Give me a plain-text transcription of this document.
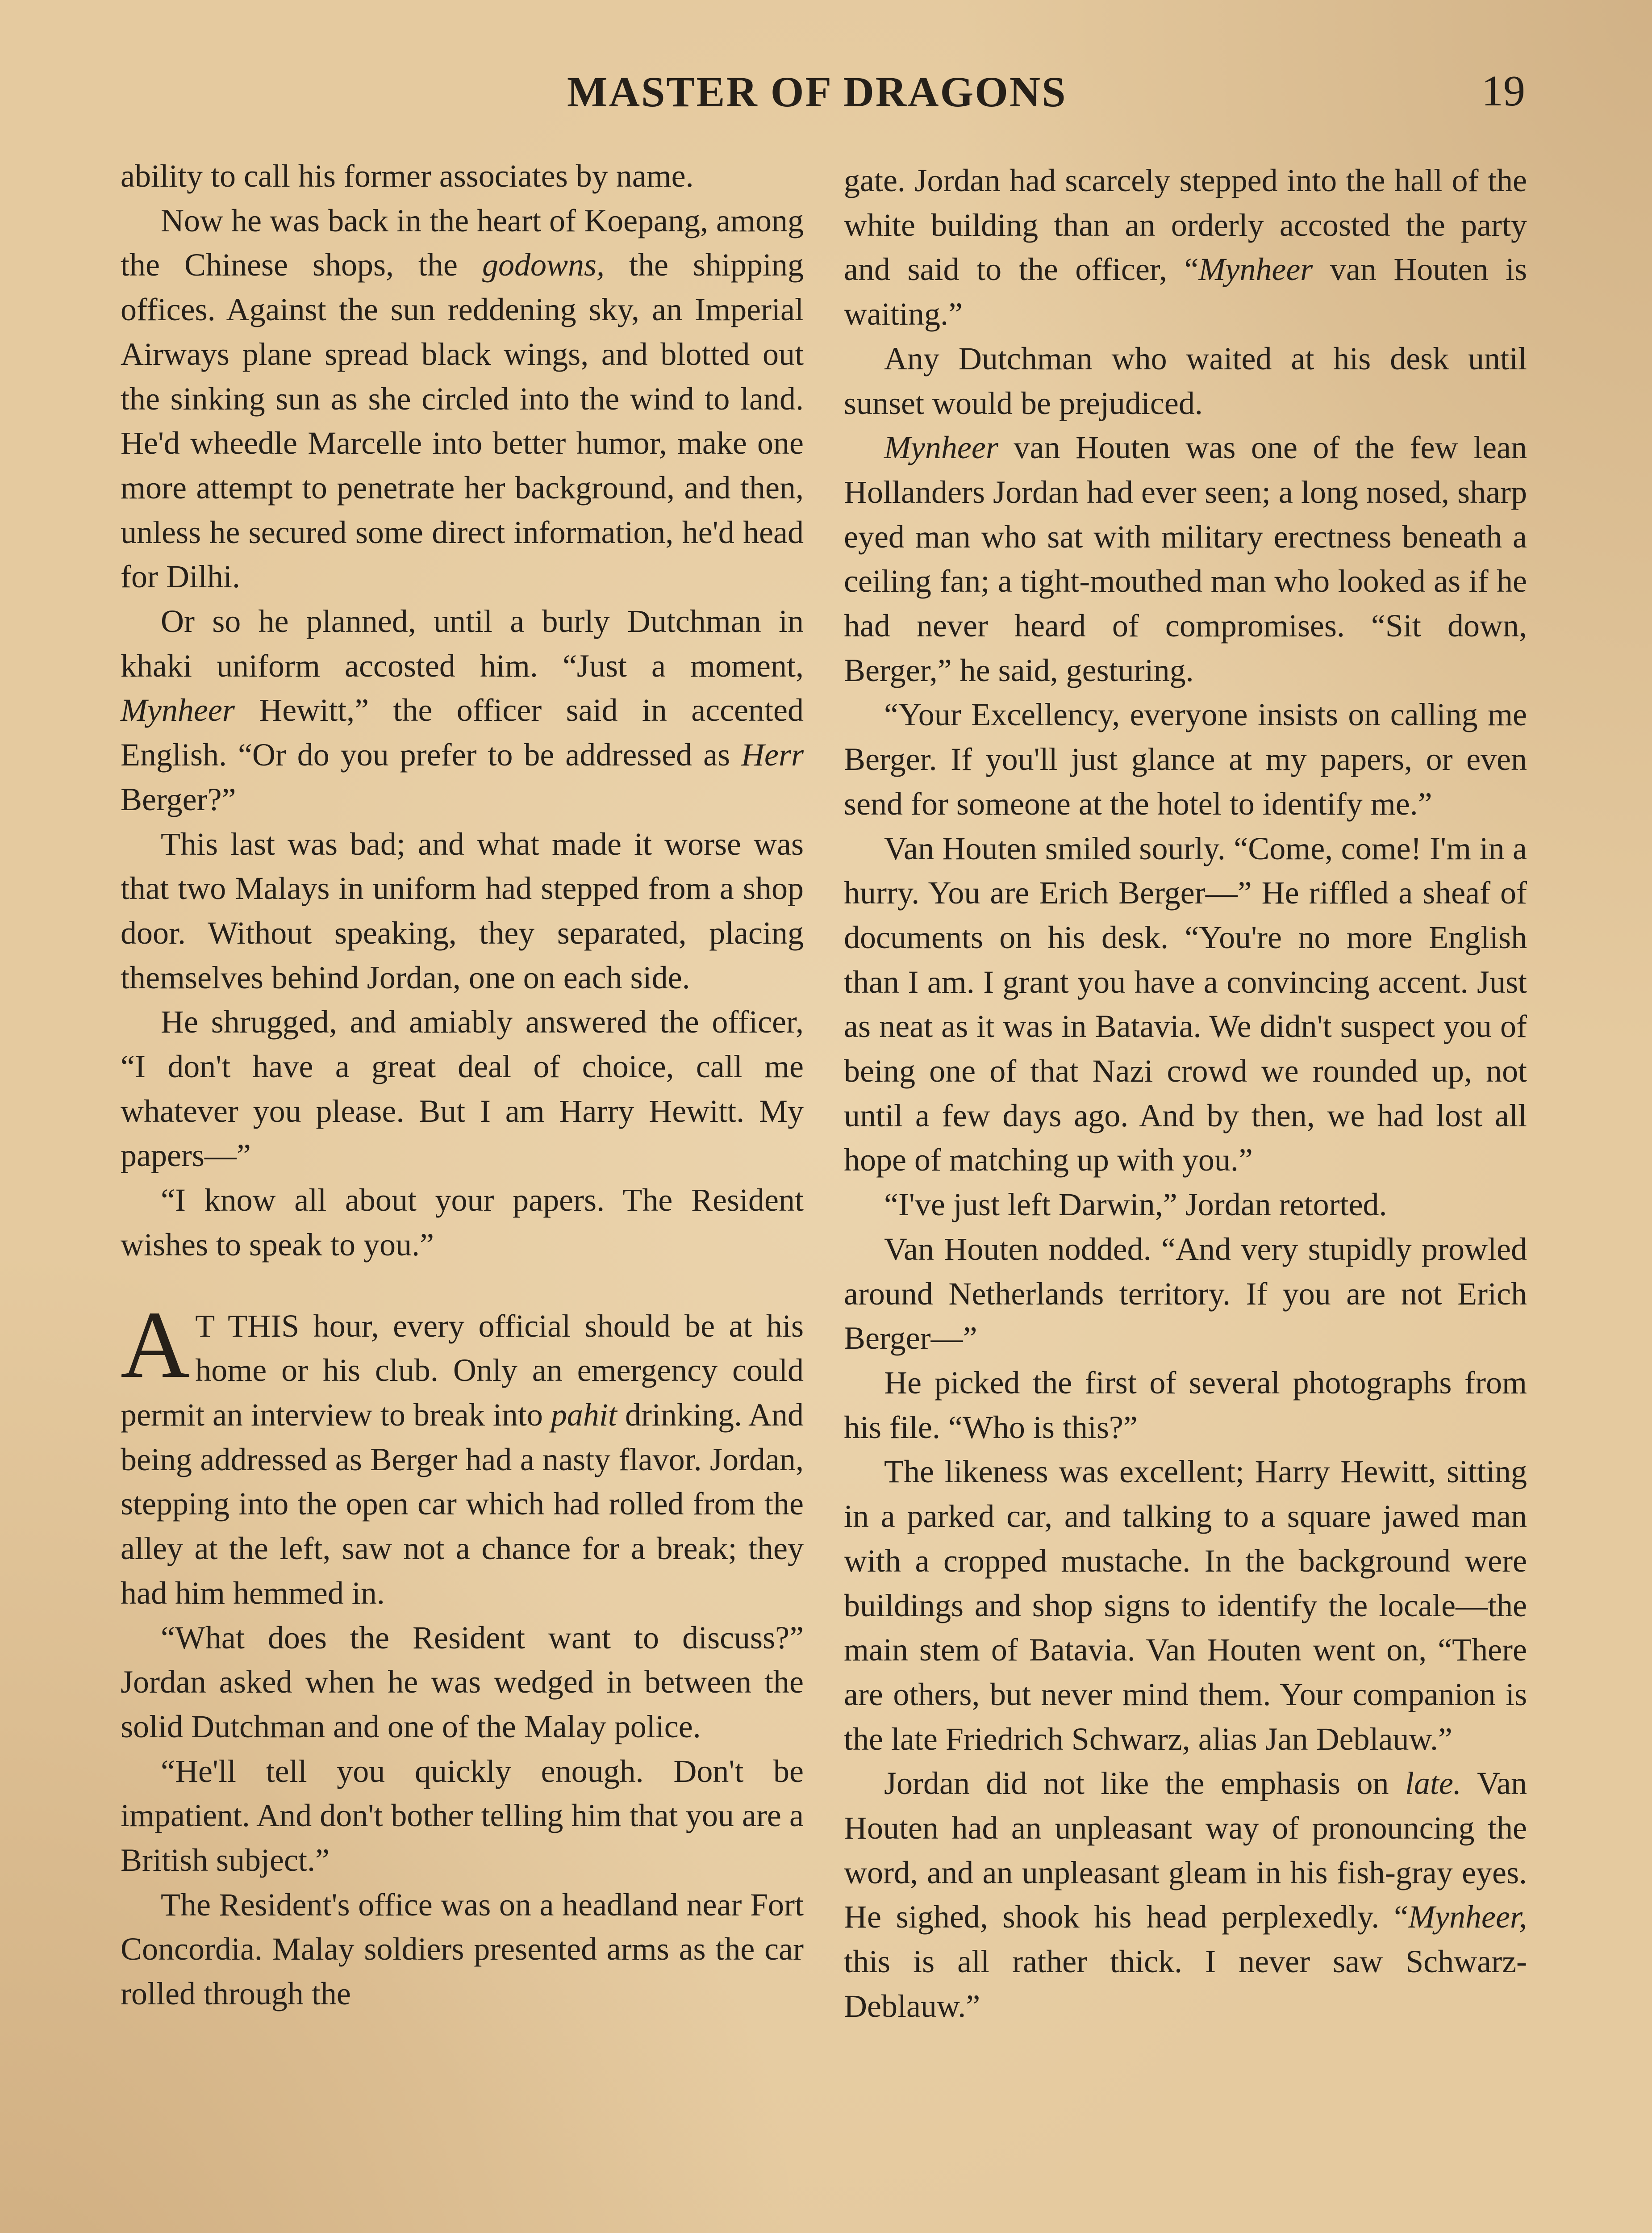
MASTER OF DRAGONS	19

ability to call his former associates by name.

Now he was back in the heart of Koepang, among the Chinese shops, the godowns, the shipping offices. Against the sun reddening sky, an Imperial Airways plane spread black wings, and blotted out the sinking sun as she circled into the wind to land. He'd wheedle Marcelle into better humor, make one more attempt to penetrate her background, and then, unless he secured some direct information, he'd head for Dilhi.

Or so he planned, until a burly Dutchman in khaki uniform accosted him. “Just a moment, Mynheer Hewitt,” the officer said in accented English. “Or do you prefer to be addressed as Herr Berger?”

This last was bad; and what made it worse was that two Malays in uniform had stepped from a shop door. Without speaking, they separated, placing themselves behind Jordan, one on each side.

He shrugged, and amiably answered the officer, “I don't have a great deal of choice, call me whatever you please. But I am Harry Hewitt. My papers—”

“I know all about your papers. The Resident wishes to speak to you.”

A T THIS hour, every official should be at his home or his club. Only an emergency could permit an interview to break into pahit drinking. And being addressed as Berger had a nasty flavor. Jordan, stepping into the open car which had rolled from the alley at the left, saw not a chance for a break; they had him hemmed in.

“What does the Resident want to discuss?” Jordan asked when he was wedged in between the solid Dutchman and one of the Malay police.

“He'll tell you quickly enough. Don't be impatient. And don't bother telling him that you are a British subject.”

The Resident's office was on a headland near Fort Concordia. Malay soldiers presented arms as the car rolled through the

gate. Jordan had scarcely stepped into the hall of the white building than an orderly accosted the party and said to the officer, “Mynheer van Houten is waiting.”

Any Dutchman who waited at his desk until sunset would be prejudiced.

Mynheer van Houten was one of the few lean Hollanders Jordan had ever seen; a long nosed, sharp eyed man who sat with military erectness beneath a ceiling fan; a tight-mouthed man who looked as if he had never heard of compromises. “Sit down, Berger,” he said, gesturing.

“Your Excellency, everyone insists on calling me Berger. If you'll just glance at my papers, or even send for someone at the hotel to identify me.”

Van Houten smiled sourly. “Come, come! I'm in a hurry. You are Erich Berger—” He riffled a sheaf of documents on his desk. “You're no more English than I am. I grant you have a convincing accent. Just as neat as it was in Batavia. We didn't suspect you of being one of that Nazi crowd we rounded up, not until a few days ago. And by then, we had lost all hope of matching up with you.”

“I've just left Darwin,” Jordan retorted.

Van Houten nodded. “And very stupidly prowled around Netherlands territory. If you are not Erich Berger—”

He picked the first of several photographs from his file. “Who is this?”

The likeness was excellent; Harry Hewitt, sitting in a parked car, and talking to a square jawed man with a cropped mustache. In the background were buildings and shop signs to identify the locale—the main stem of Batavia. Van Houten went on, “There are others, but never mind them. Your companion is the late Friedrich Schwarz, alias Jan Deblauw.”

Jordan did not like the emphasis on late. Van Houten had an unpleasant way of pronouncing the word, and an unpleasant gleam in his fish-gray eyes. He sighed, shook his head perplexedly. “Mynheer, this is all rather thick. I never saw Schwarz-Deblauw.”
